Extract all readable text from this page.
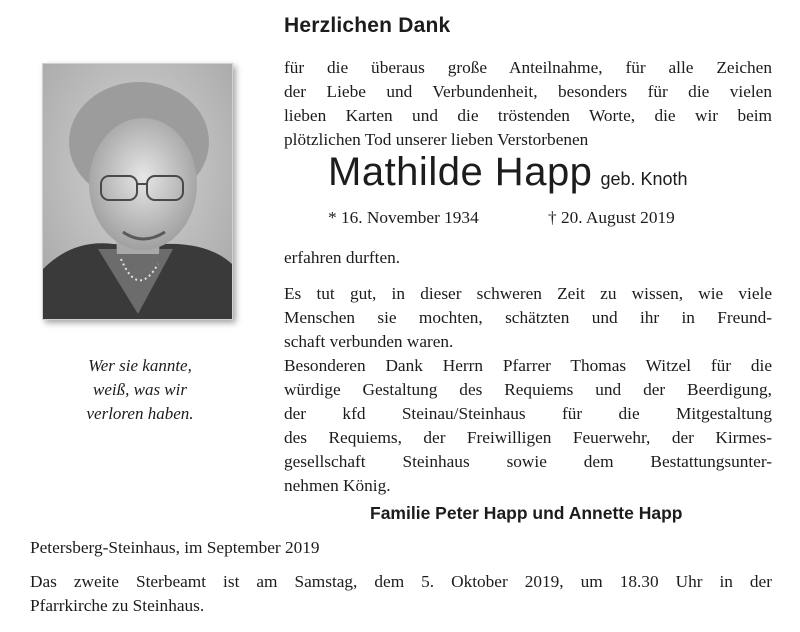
Wer sie kannte,
weiß, was wir
verloren haben.
Herzlichen Dank
für die überaus große Anteilnahme, für alle Zeichen
der Liebe und Verbundenheit, besonders für die vielen
lieben Karten und die tröstenden Worte, die wir beim
plötzlichen Tod unserer lieben Verstorbenen
Mathilde Happ geb. Knoth
* 16. November 1934	† 20. August 2019
erfahren durften.
Es tut gut, in dieser schweren Zeit zu wissen, wie viele
Menschen sie mochten, schätzten und ihr in Freund-
schaft verbunden waren.
Besonderen Dank Herrn Pfarrer Thomas Witzel für die
würdige Gestaltung des Requiems und der Beerdigung,
der kfd Steinau/Steinhaus für die Mitgestaltung
des Requiems, der Freiwilligen Feuerwehr, der Kirmes-
gesellschaft Steinhaus sowie dem Bestattungsunter-
nehmen König.
Familie Peter Happ und Annette Happ
Petersberg-Steinhaus, im September 2019
Das zweite Sterbeamt ist am Samstag, dem 5. Oktober 2019, um 18.30 Uhr in der
Pfarrkirche zu Steinhaus.
